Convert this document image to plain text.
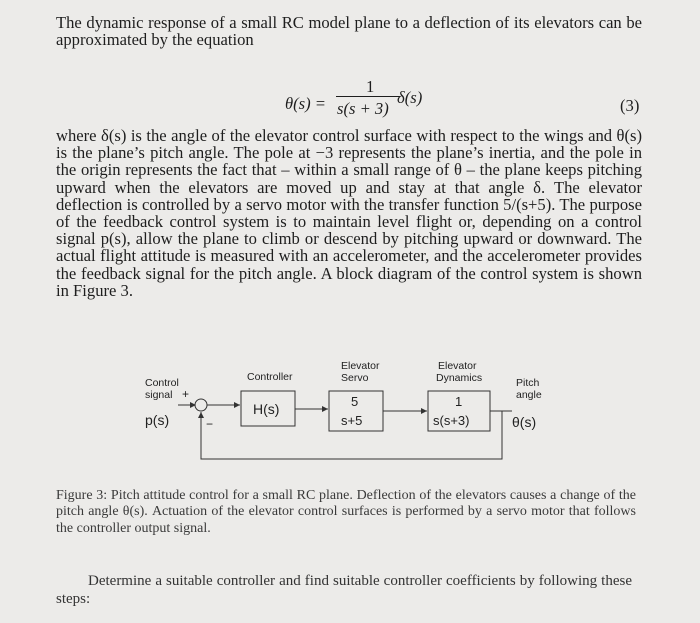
The dynamic response of a small RC model plane to a deflection of its elevators can be approximated by the equation
θ(s) =
1
s(s + 3)
δ(s)	(3)
where δ(s) is the angle of the elevator control surface with respect to the wings and θ(s) is the plane’s pitch angle. The pole at −3 represents the plane’s inertia, and the pole in the origin represents the fact that – within a small range of θ – the plane keeps pitching upward when the elevators are moved up and stay at that angle δ. The elevator deflection is controlled by a servo motor with the transfer function 5/(s+5). The purpose of the feedback control system is to maintain level flight or, depending on a control signal p(s), allow the plane to climb or descend by pitching upward or downward. The actual flight attitude is measured with an accelerometer, and the accelerometer provides the feedback signal for the pitch angle. A block diagram of the control system is shown in Figure 3.
Control
signal
p(s)
+
−
Controller
H(s)
Elevator
Servo
5
s+5
Elevator
Dynamics
1
s(s+3)
Pitch
angle
θ(s)
Figure 3: Pitch attitude control for a small RC plane. Deflection of the elevators causes a change of the pitch angle θ(s). Actuation of the elevator control surfaces is performed by a servo motor that follows the controller output signal.
Determine a suitable controller and find suitable controller coefficients by following these steps:
